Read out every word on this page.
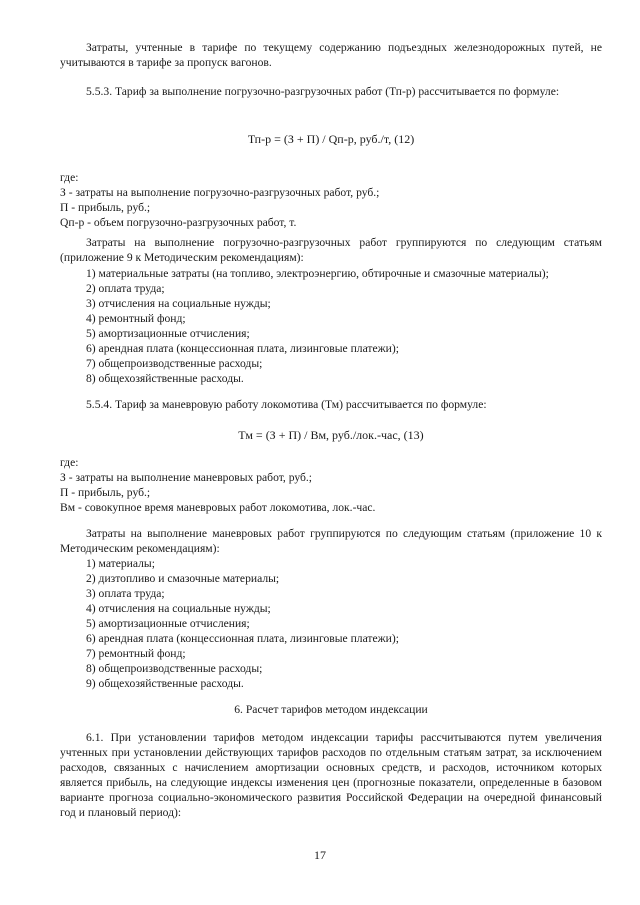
Затраты, учтенные в тарифе по текущему содержанию подъездных железнодорожных путей, не учитываются в тарифе за пропуск вагонов.

5.5.3. Тариф за выполнение погрузочно-разгрузочных работ (Тп-р) рассчитывается по формуле:

Тп-р = (З + П) / Qп-р, руб./т, (12)
где:
З - затраты на выполнение погрузочно-разгрузочных работ, руб.;
П - прибыль, руб.;
Qп-р - объем погрузочно-разгрузочных работ, т.

Затраты на выполнение погрузочно-разгрузочных работ группируются по следующим статьям (приложение 9 к Методическим рекомендациям):

1) материальные затраты (на топливо, электроэнергию, обтирочные и смазочные материалы);
2) оплата труда;
3) отчисления на социальные нужды;
4) ремонтный фонд;
5) амортизационные отчисления;
6) арендная плата (концессионная плата, лизинговые платежи);
7) общепроизводственные расходы;
8) общехозяйственные расходы.

5.5.4. Тариф за маневровую работу локомотива (Тм) рассчитывается по формуле:

Тм = (З + П) / Вм, руб./лок.-час, (13)
где:
З - затраты на выполнение маневровых работ, руб.;
П - прибыль, руб.;
Вм - совокупное время маневровых работ локомотива, лок.-час.

Затраты на выполнение маневровых работ группируются по следующим статьям (приложение 10 к Методическим рекомендациям):

1) материалы;
2) дизтопливо и смазочные материалы;
3) оплата труда;
4) отчисления на социальные нужды;
5) амортизационные отчисления;
6) арендная плата (концессионная плата, лизинговые платежи);
7) ремонтный фонд;
8) общепроизводственные расходы;
9) общехозяйственные расходы.
6. Расчет тарифов методом индексации

6.1. При установлении тарифов методом индексации тарифы рассчитываются путем увеличения учтенных при установлении действующих тарифов расходов по отдельным статьям затрат, за исключением расходов, связанных с начислением амортизации основных средств, и расходов, источником которых является прибыль, на следующие индексы изменения цен (прогнозные показатели, определенные в базовом варианте прогноза социально-экономического развития Российской Федерации на очередной финансовый год и плановый период):

17
